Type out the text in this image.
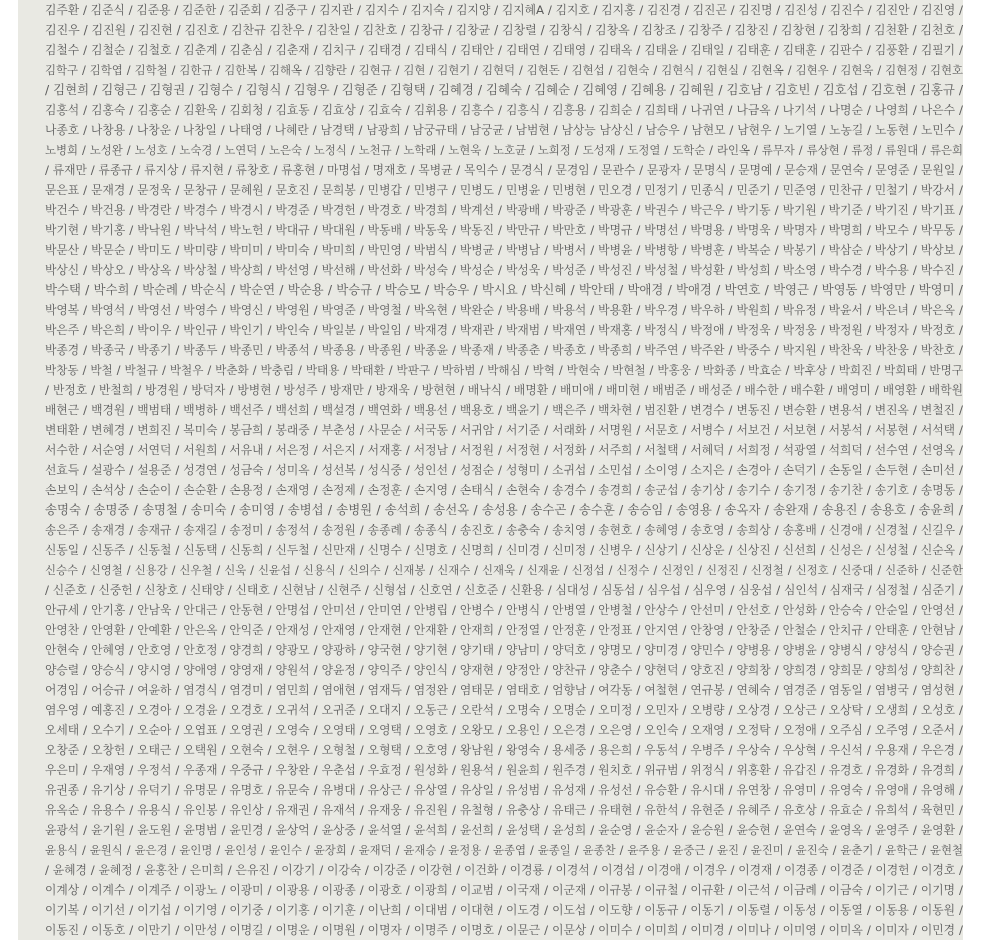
김주환 / 김준식 / 김준용 / 김준한 / 김준회 / 김중구 / 김지관 / 김지수 / 김지숙 / 김지양 / 김지혜A / 김지호 / 김지홍 / 김진경 / 김진곤 / 김진명 / 김진성 / 김진수 / 김진안 / 김진영 /
김진우 / 김진원 / 김진현 / 김진호 / 김찬규 김찬우 / 김찬일 / 김찬호 / 김창규 / 김창균 / 김창렬 / 김창식 / 김창옥 / 김창조 / 김창주 / 김창진 / 김창현 / 김창희 / 김천환 / 김천호 /
김철수 / 김철순 / 김철호 / 김춘계 / 김춘심 / 김춘재 / 김치구 / 김태경 / 김태식 / 김태안 / 김태연 / 김태영 / 김태옥 / 김태윤 / 김태일 / 김태훈 / 김태훈 / 김판수 / 김풍환 / 김필기 /
김학구 / 김학엽 / 김학철 / 김한규 / 김한복 / 김해옥 / 김향란 / 김현규 / 김현 / 김현기 / 김현덕 / 김현돈 / 김현섭 / 김현숙 / 김현식 / 김현실 / 김현옥 / 김현우 / 김현욱 / 김현정 / 김현호
/ 김현희 / 김형근 / 김형권 / 김형수 / 김형식 / 김형우 / 김형준 / 김형택 / 김혜경 / 김혜숙 / 김혜순 / 김혜영 / 김혜용 / 김혜원 / 김호남 / 김호빈 / 김호섭 / 김호현 / 김홍규 /
김홍석 / 김홍숙 / 김홍순 / 김환욱 / 김회청 / 김효동 / 김효상 / 김효숙 / 김휘용 / 김흥수 / 김흥식 / 김흥용 / 김희순 / 김희태 / 나귀연 / 나금옥 / 나기석 / 나명순 / 나영희 / 나은수 /
나종호 / 나창용 / 나창운 / 나창일 / 나태영 / 나혜란 / 남경택 / 남광희 / 남궁규태 / 남궁균 / 남범현 / 남상능 남상신 / 남승우 / 남현모 / 남현우 / 노기열 / 노농길 / 노동현 / 노민수 /
노병희 / 노성완 / 노성호 / 노숙경 / 노연덕 / 노은숙 / 노정식 / 노천규 / 노학래 / 노현욱 / 노호균 / 노희정 / 도성재 / 도정열 / 도학순 / 라인옥 / 류무자 / 류상현 / 류정 / 류원대 / 류은희
/ 류재만 / 류종규 / 류지상 / 류지현 / 류창호 / 류홍현 / 마명섭 / 명재호 / 목병균 / 목익수 / 문경식 / 문경임 / 문관수 / 문광자 / 문명식 / 문명예 / 문승재 / 문연숙 / 문영준 / 문원일 /
문은표 / 문재경 / 문정욱 / 문창규 / 문혜원 / 문호진 / 문희봉 / 민병갑 / 민병구 / 민병도 / 민병윤 / 민병현 / 민오경 / 민정기 / 민종식 / 민준기 / 민준영 / 민찬규 / 민철기 / 박강서 /
박건수 / 박건용 / 박경란 / 박경수 / 박경시 / 박경준 / 박경헌 / 박경호 / 박경희 / 박계선 / 박광배 / 박광준 / 박광훈 / 박권수 / 박근우 / 박기동 / 박기원 / 박기준 / 박기진 / 박기표 /
박기현 / 박기홍 / 박낙원 / 박낙석 / 박노헌 / 박대규 / 박대원 / 박동배 / 박동욱 / 박동진 / 박만규 / 박만호 / 박명규 / 박명선 / 박명용 / 박명욱 / 박명자 / 박명희 / 박모수 / 박무동 /
박문산 / 박문순 / 박미도 / 박미량 / 박미미 / 박미숙 / 박미희 / 박민영 / 박범식 / 박병균 / 박병남 / 박병서 / 박병윤 / 박병항 / 박병훈 / 박복순 / 박봉기 / 박삼순 / 박상기 / 박상보 /
박상신 / 박상오 / 박상옥 / 박상철 / 박상희 / 박선영 / 박선해 / 박선화 / 박성숙 / 박성순 / 박성욱 / 박성준 / 박성진 / 박성철 / 박성환 / 박성희 / 박소영 / 박수경 / 박수용 / 박수진 /
박수택 / 박수희 / 박순례 / 박순식 / 박순연 / 박순용 / 박승규 / 박승모 / 박승우 / 박시요 / 박신혜 / 박안태 / 박애경 / 박애경 / 박연호 / 박영근 / 박영동 / 박영만 / 박영미 /
박영복 / 박영석 / 박영선 / 박영수 / 박영신 / 박영원 / 박영준 / 박영철 / 박옥현 / 박완순 / 박용배 / 박용석 / 박용환 / 박우경 / 박우하 / 박원희 / 박유정 / 박윤서 / 박은녀 / 박은옥 /
박은주 / 박은희 / 박이우 / 박인규 / 박인기 / 박인숙 / 박일분 / 박일임 / 박재경 / 박재관 / 박재범 / 박재연 / 박재홍 / 박정식 / 박정애 / 박정욱 / 박정웅 / 박정원 / 박정자 / 박정호 /
박종경 / 박종국 / 박종기 / 박종두 / 박종민 / 박종석 / 박종용 / 박종원 / 박종윤 / 박종재 / 박종춘 / 박종호 / 박종희 / 박주연 / 박주완 / 박중수 / 박지원 / 박찬욱 / 박찬웅 / 박찬호 /
박창동 / 박철 / 박철규 / 박철우 / 박춘화 / 박충림 / 박태용 / 박태환 / 박판구 / 박하범 / 박해심 / 박혁 / 박현숙 / 박현철 / 박홍웅 / 박화종 / 박효순 / 박후상 / 박희진 / 박희태 / 반명구
/ 반정호 / 반철희 / 방경원 / 방덕자 / 방병현 / 방성주 / 방재만 / 방재욱 / 방현현 / 배낙식 / 배명환 / 배미애 / 배미현 / 배범준 / 배성준 / 배수한 / 배수환 / 배영미 / 배영환 / 배학원
배현근 / 백경원 / 백범태 / 백병하 / 백선주 / 백선희 / 백설경 / 백연화 / 백용선 / 백용호 / 백윤기 / 백은주 / 백차현 / 범진환 / 변경수 / 변동진 / 변승환 / 변용석 / 변진옥 / 변철진 /
변태환 / 변혜경 / 변희진 / 복미숙 / 봉금희 / 봉래중 / 부춘성 / 사문순 / 서국동 / 서귀암 / 서기준 / 서래화 / 서명원 / 서문호 / 서병수 / 서보건 / 서보현 / 서봉석 / 서봉현 / 서석택 /
서수한 / 서순영 / 서연덕 / 서원희 / 서유내 / 서은정 / 서은지 / 서재홍 / 서정남 / 서정원 / 서정현 / 서정화 / 서주희 / 서철택 / 서혜덕 / 서희정 / 석광열 / 석희덕 / 선수연 / 선영옥 /
선효득 / 설광수 / 설용준 / 성경연 / 성금숙 / 성미옥 / 성선복 / 성식중 / 성인선 / 성점순 / 성형미 / 소귀섭 / 소민섭 / 소이영 / 소지은 / 손경아 / 손덕기 / 손동일 / 손두현 / 손미선 /
손보익 / 손석상 / 손순이 / 손순환 / 손용정 / 손재영 / 손정제 / 손정훈 / 손지영 / 손태식 / 손현숙 / 송경수 / 송경희 / 송군섭 / 송기상 / 송기수 / 송기정 / 송기찬 / 송기호 / 송명동 /
송명숙 / 송명중 / 송명철 / 송미숙 / 송미영 / 송병섭 / 송병원 / 송석희 / 송선옥 / 송성용 / 송수곤 / 송수훈 / 송승임 / 송영용 / 송옥자 / 송완재 / 송용진 / 송용호 / 송윤희 /
송은주 / 송재경 / 송재규 / 송재길 / 송정미 / 송정석 / 송정원 / 송종례 / 송종식 / 송진호 / 송충숙 / 송치영 / 송현호 / 송혜영 / 송호영 / 송희상 / 송홍배 / 신경애 / 신경철 / 신길우 /
신동일 / 신동주 / 신동철 / 신동택 / 신동희 / 신두철 / 신만재 / 신명수 / 신명호 / 신명희 / 신미경 / 신미정 / 신병우 / 신상기 / 신상운 / 신상진 / 신선희 / 신성은 / 신성철 / 신순옥 /
신승수 / 신영철 / 신용강 / 신우철 / 신욱 / 신윤섭 / 신용식 / 신의수 / 신재봉 / 신재수 / 신재욱 / 신재윤 / 신정섭 / 신정수 / 신정인 / 신정진 / 신정철 / 신정호 / 신중대 / 신준하 / 신준한
/ 신준호 / 신중헌 / 신창호 / 신태양 / 신태호 / 신현남 / 신현주 / 신형섭 / 신호연 / 신호준 / 신환용 / 심대성 / 심동섭 / 심우섭 / 심우영 / 심웅섭 / 심인석 / 심재국 / 심정철 / 심준기 /
안규세 / 안기홍 / 안남욱 / 안대근 / 안동현 / 안명섭 / 안미선 / 안미연 / 안병립 / 안병수 / 안병식 / 안병열 / 안병철 / 안상수 / 안선미 / 안선호 / 안성화 / 안승숙 / 안순일 / 안영선 /
안영찬 / 안영환 / 안예환 / 안은옥 / 안익준 / 안재성 / 안재영 / 안재현 / 안재환 / 안재희 / 안정열 / 안정훈 / 안정표 / 안지연 / 안창영 / 안창준 / 안철순 / 안치규 / 안태훈 / 안현남 /
안현숙 / 안혜영 / 안호영 / 안호정 / 양경희 / 양광모 / 양광하 / 양국현 / 양기현 / 양기태 / 양남미 / 양덕호 / 양명모 / 양미경 / 양민수 / 양병용 / 양병윤 / 양병식 / 양성식 / 양승권 /
양승렬 / 양승식 / 양시영 / 양애영 / 양영재 / 양원석 / 양윤정 / 양익주 / 양인식 / 양재현 / 양정안 / 양찬규 / 양춘수 / 양현덕 / 양호진 / 양희창 / 양희경 / 양희문 / 양희성 / 양희찬 /
어경임 / 어승규 / 여윤하 / 염경식 / 염경미 / 염민희 / 염애현 / 염재득 / 염정완 / 염태문 / 염태호 / 엄향남 / 여각동 / 여철현 / 연규봉 / 연혜숙 / 염경준 / 염동일 / 염병국 / 염성현 /
염우영 / 예홍진 / 오경아 / 오경윤 / 오경호 / 오귀석 / 오귀준 / 오대지 / 오동근 / 오란석 / 오명숙 / 오명순 / 오미정 / 오민자 / 오병량 / 오상경 / 오상근 / 오상탁 / 오생희 / 오성호 /
오세태 / 오수기 / 오순아 / 오엽표 / 오영권 / 오영숙 / 오영태 / 오영택 / 오영호 / 오왕모 / 오용인 / 오은경 / 오은영 / 오인숙 / 오재영 / 오정탁 / 오정애 / 오주심 / 오주영 / 오준서 /
오창준 / 오창헌 / 오태근 / 오택원 / 오현숙 / 오현우 / 오형철 / 오형택 / 오호영 / 왕남원 / 왕영숙 / 용세중 / 용은희 / 우동석 / 우병주 / 우상숙 / 우상혁 / 우신석 / 우용재 / 우은경 /
우은미 / 우재영 / 우정석 / 우종재 / 우중규 / 우창완 / 우춘섭 / 우효정 / 원성화 / 원용석 / 원윤희 / 원주경 / 원치호 / 위규범 / 위정식 / 위홍환 / 유갑진 / 유경호 / 유경화 / 유경희 /
유권종 / 유기상 / 유덕기 / 유명문 / 유명호 / 유문숙 / 유병대 / 유상근 / 유상열 / 유상일 / 유성범 / 유성재 / 유성선 / 유승환 / 유시대 / 유연창 / 유영미 / 유영숙 / 유영애 / 유영해 /
유옥순 / 유용수 / 유용식 / 유인봉 / 유인상 / 유재권 / 유재석 / 유재웅 / 유진원 / 유철형 / 유충상 / 유태근 / 유태현 / 유한석 / 유현준 / 유혜주 / 유호상 / 유효순 / 유희석 / 육현민 /
윤광석 / 윤기원 / 윤도원 / 윤명범 / 윤민경 / 윤상억 / 윤상중 / 윤석열 / 윤석희 / 윤선희 / 윤성택 / 윤성희 / 윤순영 / 윤순자 / 윤승원 / 윤승현 / 윤연숙 / 윤영옥 / 윤영주 / 윤영환 /
윤용식 / 윤원식 / 윤은경 / 윤인명 / 윤인성 / 윤인수 / 윤장희 / 윤재덕 / 윤재승 / 윤정용 / 윤종엽 / 윤종일 / 윤종찬 / 윤주용 / 윤중근 / 윤진 / 윤진미 / 윤진숙 / 윤춘기 / 윤학근 / 윤현철
/ 윤혜경 / 윤혜정 / 윤홍찬 / 은미희 / 은유진 / 이강기 / 이강숙 / 이강준 / 이강현 / 이건화 / 이경룡 / 이경석 / 이경섭 / 이경애 / 이경우 / 이경재 / 이경종 / 이경준 / 이경헌 / 이경호 /
이계상 / 이계수 / 이계주 / 이광노 / 이광미 / 이광용 / 이광종 / 이광호 / 이광희 / 이교범 / 이국재 / 이군재 / 이규봉 / 이규철 / 이규환 / 이근석 / 이금례 / 이금숙 / 이기근 / 이기명 /
이기복 / 이기선 / 이기섭 / 이기영 / 이기중 / 이기홍 / 이기훈 / 이난희 / 이대범 / 이대현 / 이도경 / 이도섭 / 이도향 / 이동규 / 이동기 / 이동렬 / 이동성 / 이동열 / 이동용 / 이동원 /
이동진 / 이동호 / 이만기 / 이만성 / 이명길 / 이명운 / 이명원 / 이명자 / 이명주 / 이명호 / 이문근 / 이문상 / 이미수 / 이미희 / 이미경 / 이미나 / 이미영 / 이미옥 / 이미자 / 이민경 /
